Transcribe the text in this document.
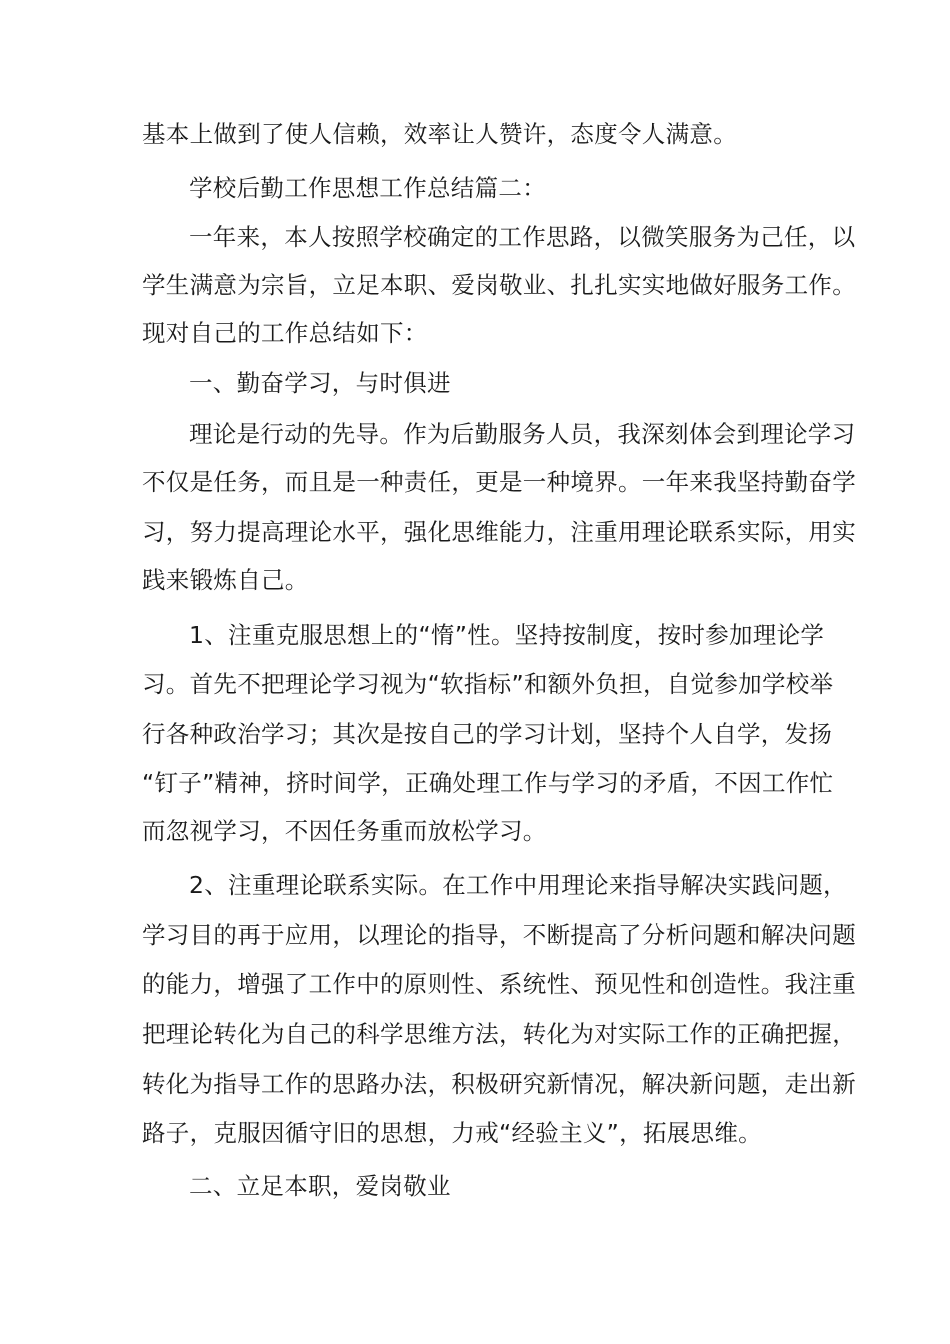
基本上做到了使人信赖，效率让人赞许，态度令人满意。
学校后勤工作思想工作总结篇二：
一年来，本人按照学校确定的工作思路，以微笑服务为己任，以
学生满意为宗旨，立足本职、爱岗敬业、扎扎实实地做好服务工作。
现对自己的工作总结如下：
一、勤奋学习，与时俱进
理论是行动的先导。作为后勤服务人员，我深刻体会到理论学习
不仅是任务，而且是一种责任，更是一种境界。一年来我坚持勤奋学
习，努力提高理论水平，强化思维能力，注重用理论联系实际，用实
践来锻炼自己。
1、注重克服思想上的“惰”性。坚持按制度，按时参加理论学
习。首先不把理论学习视为“软指标”和额外负担，自觉参加学校举
行各种政治学习；其次是按自己的学习计划，坚持个人自学，发扬
“钉子”精神，挤时间学，正确处理工作与学习的矛盾，不因工作忙
而忽视学习，不因任务重而放松学习。
2、注重理论联系实际。在工作中用理论来指导解决实践问题，
学习目的再于应用，以理论的指导，不断提高了分析问题和解决问题
的能力，增强了工作中的原则性、系统性、预见性和创造性。我注重
把理论转化为自己的科学思维方法，转化为对实际工作的正确把握，
转化为指导工作的思路办法，积极研究新情况，解决新问题，走出新
路子，克服因循守旧的思想，力戒“经验主义”，拓展思维。
二、立足本职，爱岗敬业
